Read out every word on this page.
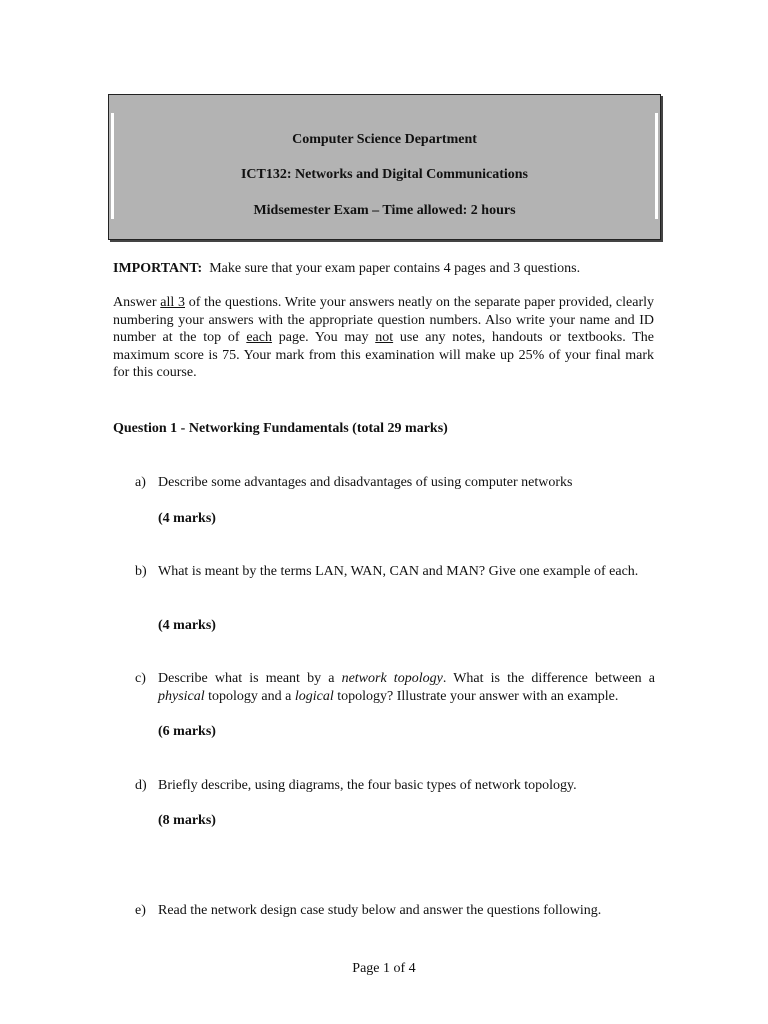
Computer Science Department
ICT132: Networks and Digital Communications
Midsemester Exam – Time allowed: 2 hours
IMPORTANT: Make sure that your exam paper contains 4 pages and 3 questions.
Answer all 3 of the questions. Write your answers neatly on the separate paper provided, clearly numbering your answers with the appropriate question numbers. Also write your name and ID number at the top of each page. You may not use any notes, handouts or textbooks. The maximum score is 75. Your mark from this examination will make up 25% of your final mark for this course.
Question 1 - Networking Fundamentals (total 29 marks)
a) Describe some advantages and disadvantages of using computer networks
(4 marks)
b) What is meant by the terms LAN, WAN, CAN and MAN? Give one example of each.
(4 marks)
c) Describe what is meant by a network topology. What is the difference between a physical topology and a logical topology? Illustrate your answer with an example.
(6 marks)
d) Briefly describe, using diagrams, the four basic types of network topology.
(8 marks)
e) Read the network design case study below and answer the questions following.
Page 1 of 4
